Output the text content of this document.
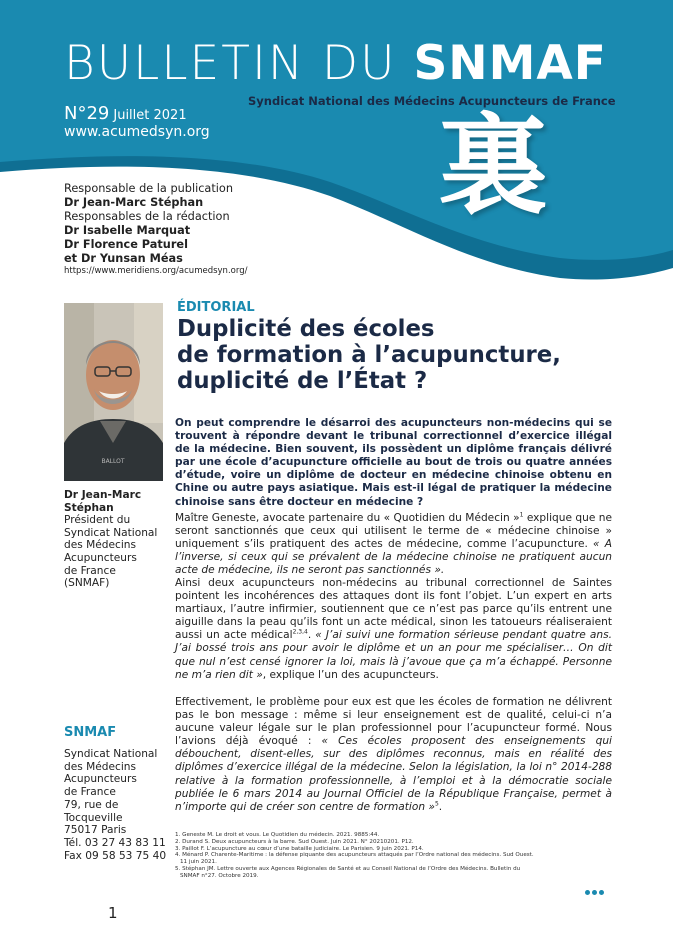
BULLETIN DU SNMAF
Syndicat National des Médecins Acupuncteurs de France
N°29 Juillet 2021
www.acumedsyn.org 裏
Responsable de la publication
Dr Jean-Marc Stéphan
Responsables de la rédaction
Dr Isabelle Marquat
Dr Florence Paturel
et Dr Yunsan Méas
https://www.meridiens.org/acumedsyn.org/
BALLOT
Dr Jean-Marc
Stéphan
Président du
Syndicat National
des Médecins
Acupuncteurs
de France
(SNMAF)
SNMAF
Syndicat National
des Médecins
Acupuncteurs
de France
79, rue de
Tocqueville
75017 Paris
Tél. 03 27 43 83 11
Fax 09 58 53 75 40
ÉDITORIAL
Duplicité des écoles
de formation à l’acupuncture,
duplicité de l’État ?
On peut comprendre le désarroi des acupuncteurs non-médecins qui se trouvent à répondre devant le tribunal correctionnel d’exercice illégal de la médecine. Bien souvent, ils possèdent un diplôme français délivré par une école d’acupuncture officielle au bout de trois ou quatre années d’étude, voire un diplôme de docteur en médecine chinoise obtenu en Chine ou autre pays asiatique. Mais est-il légal de pratiquer la médecine chinoise sans être docteur en médecine ?
Maître Geneste, avocate partenaire du « Quotidien du Médecin »$^1$ explique que ne seront sanctionnés que ceux qui utilisent le terme de « médecine chinoise » uniquement s’ils pratiquent des actes de médecine, comme l’acupuncture. « A l’inverse, si ceux qui se prévalent de la médecine chinoise ne pratiquent aucun acte de médecine, ils ne seront pas sanctionnés ».
Ainsi deux acupuncteurs non-médecins au tribunal correctionnel de Saintes pointent les incohérences des attaques dont ils font l’objet. L’un expert en arts martiaux, l’autre infirmier, soutiennent que ce n’est pas parce qu’ils entrent une aiguille dans la peau qu’ils font un acte médical, sinon les tatoueurs réaliseraient aussi un acte médical$^{2,3,4}$. « J’ai suivi une formation sérieuse pendant quatre ans. J’ai bossé trois ans pour avoir le diplôme et un an pour me spécialiser… On dit que nul n’est censé ignorer la loi, mais là j’avoue que ça m’a échappé. Personne ne m’a rien dit », explique l’un des acupuncteurs.
Effectivement, le problème pour eux est que les écoles de formation ne délivrent pas le bon message : même si leur enseignement est de qualité, celui-ci n’a aucune valeur légale sur le plan professionnel pour l’acupuncteur formé. Nous l’avions déjà évoqué : « Ces écoles proposent des enseignements qui débouchent, disent-elles, sur des diplômes reconnus, mais en réalité des diplômes d’exercice illégal de la médecine. Selon la législation, la loi n° 2014-288 relative à la formation professionnelle, à l’emploi et à la démocratie sociale publiée le 6 mars 2014 au Journal Officiel de la République Française, permet à n’importe qui de créer son centre de formation »$^5$.
1. Geneste M. Le droit et vous. Le Quotidien du médecin. 2021. 9885:44.
2. Durand S. Deux acupuncteurs à la barre. Sud Ouest. Juin 2021. N° 20210201. P12.
3. Paillot F. L’acupuncture au cœur d’une bataille judiciaire. Le Parisien. 9 juin 2021. P14.
4. Ménard P. Charente-Maritime : la défense piquante des acupuncteurs attaqués par l’Ordre national des médecins. Sud Ouest.
11 juin 2021.
5. Stéphan JM. Lettre ouverte aux Agences Régionales de Santé et au Conseil National de l’Ordre des Médecins. Bulletin du
SNMAF n°27. Octobre 2019.
1
